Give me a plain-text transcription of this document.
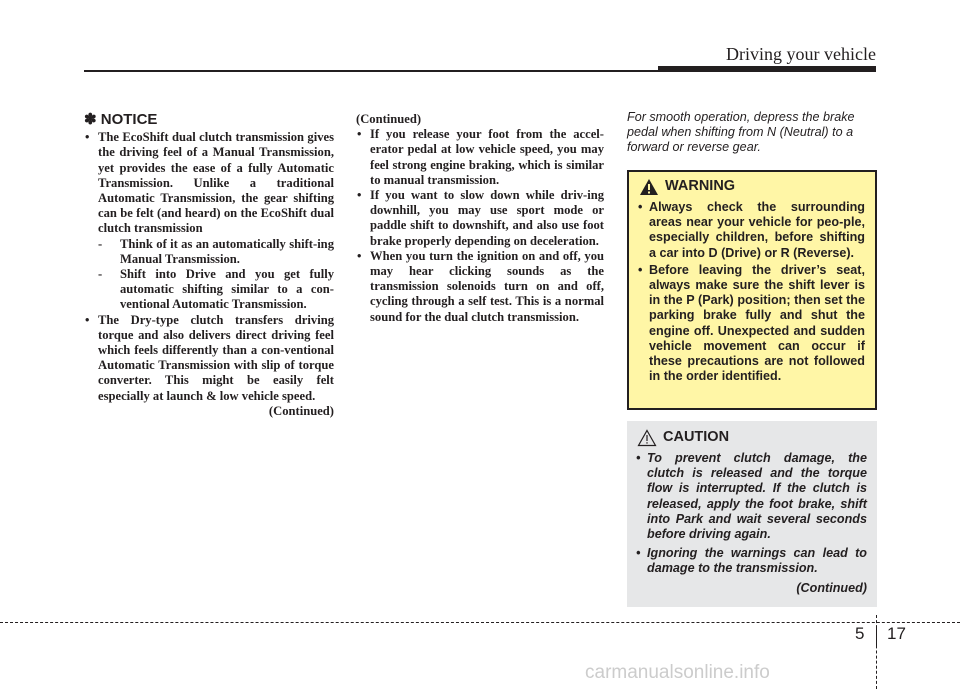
Driving your vehicle
✽ NOTICE
• The EcoShift dual clutch transmission gives the driving feel of a Manual Transmission, yet provides the ease of a fully Automatic Transmission. Unlike a traditional Automatic Transmission, the gear shifting can be felt (and heard) on the EcoShift dual clutch transmission
- Think of it as an automatically shift-ing Manual Transmission.
- Shift into Drive and you get fully automatic shifting similar to a con-ventional Automatic Transmission.
• The Dry-type clutch transfers driving torque and also delivers direct driving feel which feels differently than a con-ventional Automatic Transmission with slip of torque converter. This might be easily felt especially at launch & low vehicle speed.
(Continued)
(Continued)
• If you release your foot from the accel-erator pedal at low vehicle speed, you may feel strong engine braking, which is similar to manual transmission.
• If you want to slow down while driv-ing downhill, you may use sport mode or paddle shift to downshift, and also use foot brake properly depending on deceleration.
• When you turn the ignition on and off, you may hear clicking sounds as the transmission solenoids turn on and off, cycling through a self test. This is a normal sound for the dual clutch transmission.
For smooth operation, depress the brake pedal when shifting from N (Neutral) to a forward or reverse gear.
WARNING
• Always check the surrounding areas near your vehicle for peo-ple, especially children, before shifting a car into D (Drive) or R (Reverse).
• Before leaving the driver’s seat, always make sure the shift lever is in the P (Park) position; then set the parking brake fully and shut the engine off. Unexpected and sudden vehicle movement can occur if these precautions are not followed in the order identified.
CAUTION
• To prevent clutch damage, the clutch is released and the torque flow is interrupted. If the clutch is released, apply the foot brake, shift into Park and wait several seconds before driving again.
• Ignoring the warnings can lead to damage to the transmission.
(Continued)
5 17
carmanualsonline.info
